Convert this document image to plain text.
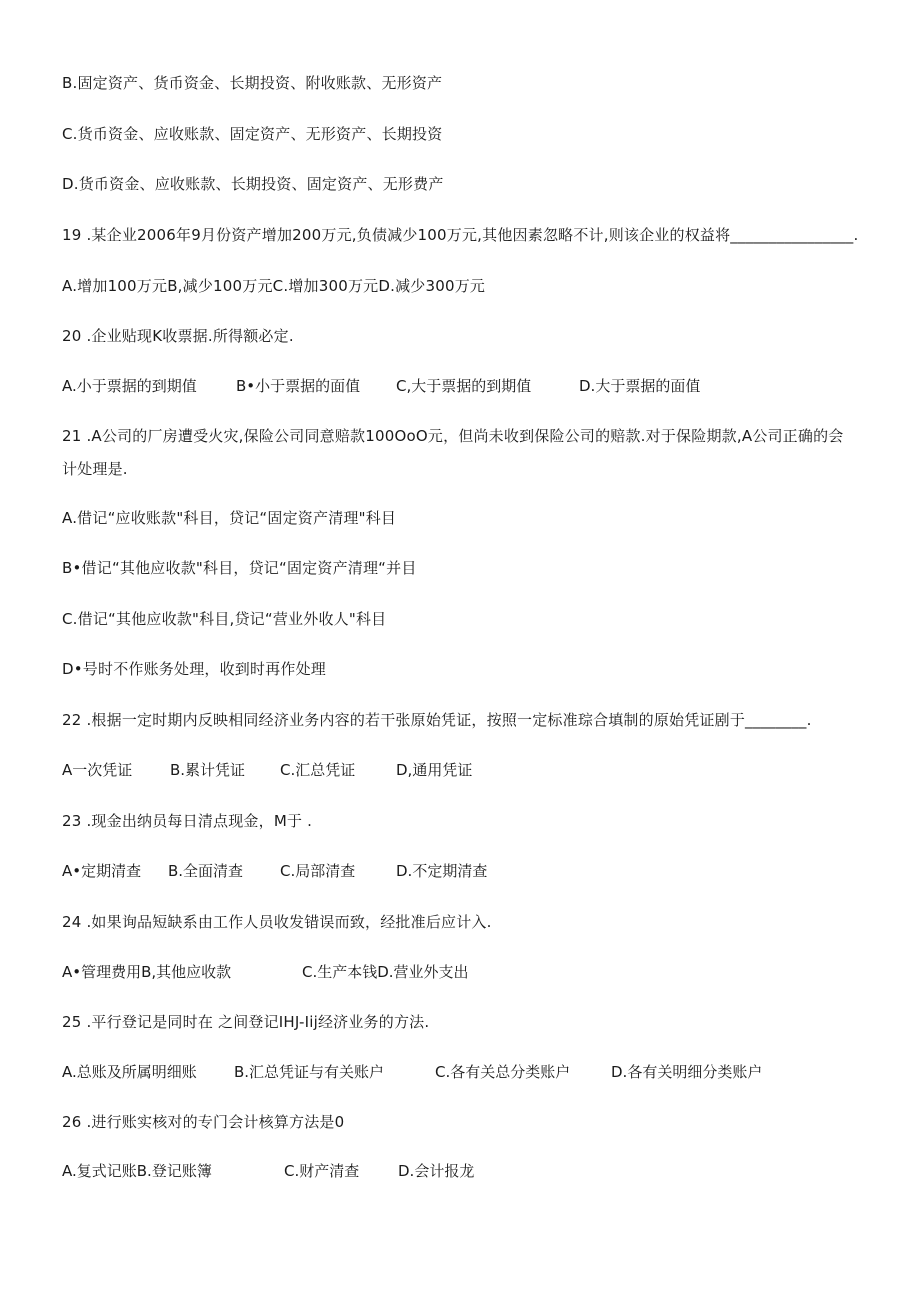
B.固定资产、货币资金、长期投资、附收账款、无形资产
C.货币资金、应收账款、固定资产、无形资产、长期投资
D.货币资金、应收账款、长期投资、固定资产、无形费产
19 .某企业2006年9月份资产增加200万元,负债减少100万元,其他因素忽略不计,则该企业的权益将________________.
A.增加100万元B,减少100万元C.增加300万元D.减少300万元
20 .企业贴现K收票据.所得额必定.
A.小于票据的到期值	B•小于票据的面值 C,大于票据的到期值	D.大于票据的面值
21 .A公司的厂房遭受火灾,保险公司同意赔款100OoO元，但尚未收到保险公司的赔款.对于保险期款,A公司正确的会计处理是.
A.借记“应收账款"科目，贷记“固定资产清理"科目
B•借记“其他应收款"科目，贷记“固定资产清理“并目
C.借记“其他应收款"科目,贷记“营业外收人"科目
D•号时不作账务处理，收到时再作处理
22 .根据一定时期内反映相同经济业务内容的若干张原始凭证，按照一定标准琮合填制的原始凭证剧于________.
A一次凭证	B.累计凭证 C.汇总凭证	D,通用凭证
23 .现金出纳员每日清点现金，M于 .
A•定期清查 B.全面清查 C.局部清查	D.不定期清查
24 .如果询品短缺系由工作人员收发错误而致，经批准后应计入.
A•管理费用B,其他应收款	C.生产本钱D.营业外支出
25 .平行登记是同时在 之间登记IHJ-Iij经济业务的方法.
A.总账及所属明细账 B.汇总凭证与有关账户	C.各有关总分类账户	D.各有关明细分类账户
26 .进行账实核对的专门会计核算方法是0
A.复式记账B.登记账簿	C.财产清查	D.会计报龙
